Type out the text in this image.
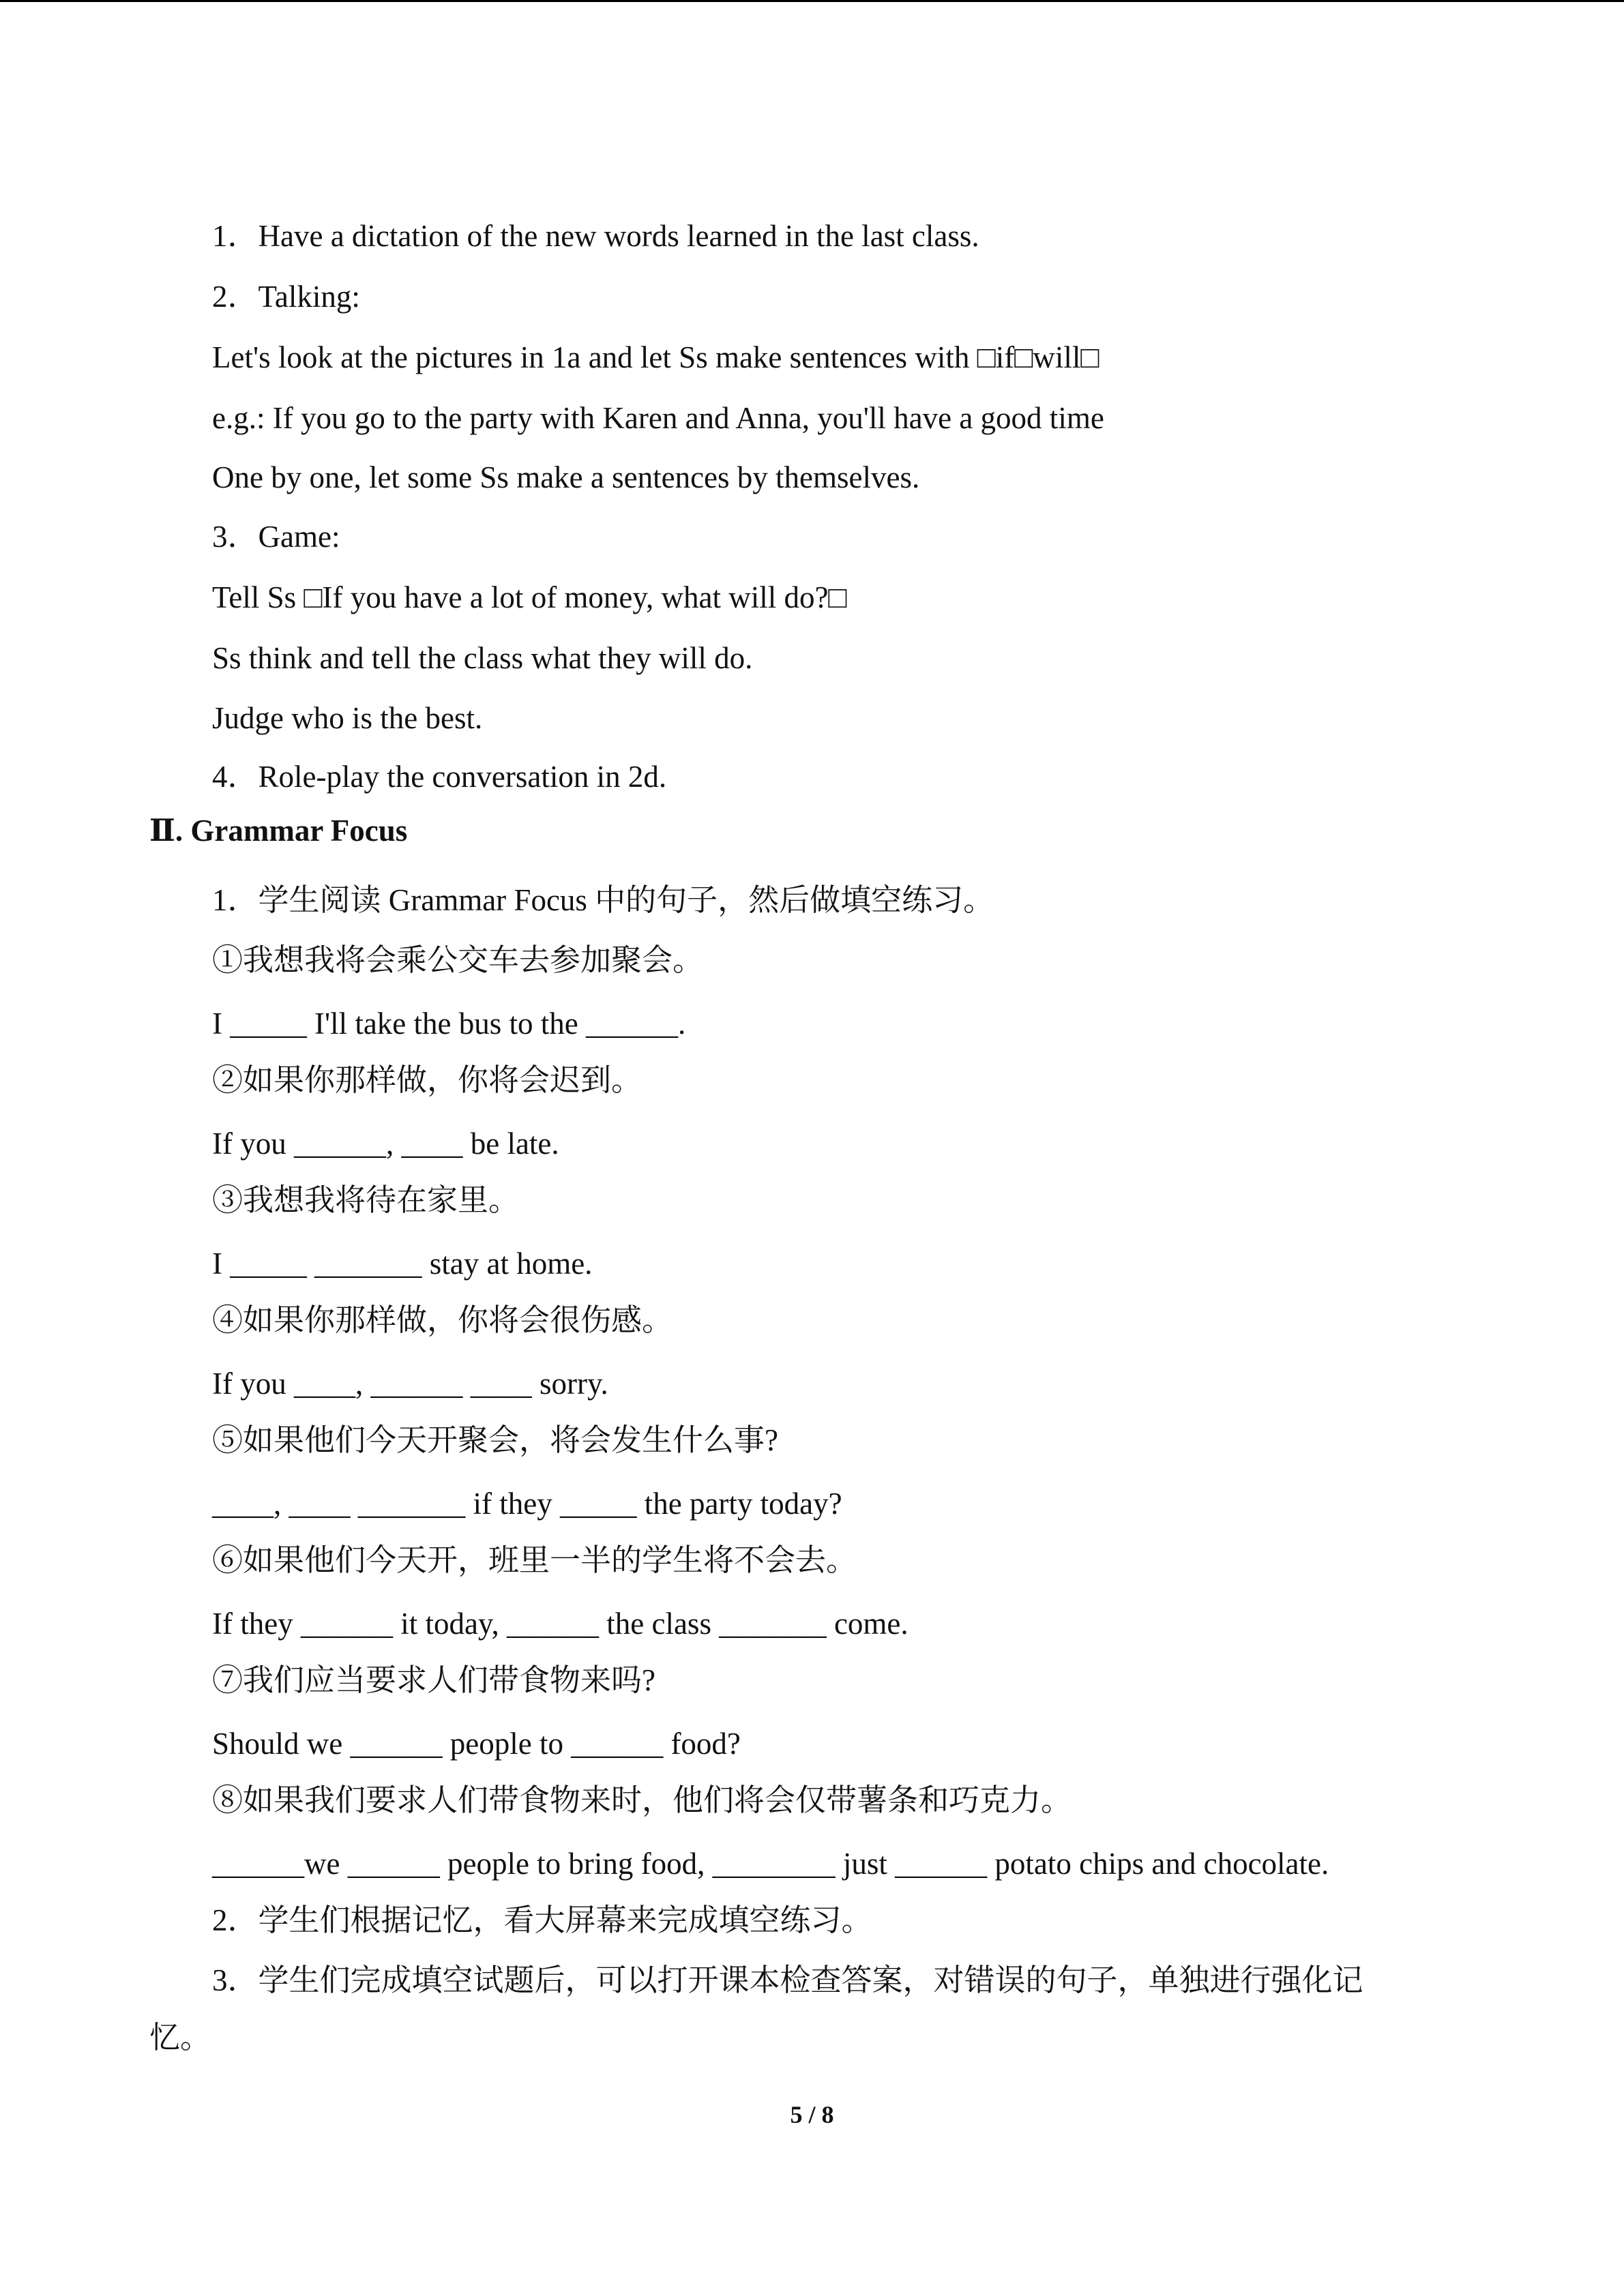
1．Have a dictation of the new words learned in the last class.
2．Talking:
Let's look at the pictures in 1a and let Ss make sentences with □if□will□
e.g.: If you go to the party with Karen and Anna, you'll have a good time
One by one, let some Ss make a sentences by themselves.
3．Game:
Tell Ss □If you have a lot of money, what will do?□
Ss think and tell the class what they will do.
Judge who is the best.
4．Role-play the conversation in 2d.
Ⅱ. Grammar Focus
1．学生阅读 Grammar Focus 中的句子，然后做填空练习。
①我想我将会乘公交车去参加聚会。
I _____ I'll take the bus to the ______.
②如果你那样做，你将会迟到。
If you ______, ____ be late.
③我想我将待在家里。
I _____ _______ stay at home.
④如果你那样做，你将会很伤感。
If you ____, ______ ____ sorry.
⑤如果他们今天开聚会，将会发生什么事?
____, ____ _______ if they _____ the party today?
⑥如果他们今天开，班里一半的学生将不会去。
If they ______ it today, ______ the class _______ come.
⑦我们应当要求人们带食物来吗?
Should we ______ people to ______ food?
⑧如果我们要求人们带食物来时，他们将会仅带薯条和巧克力。
______we ______ people to bring food, ________ just ______ potato chips and chocolate.
2．学生们根据记忆，看大屏幕来完成填空练习。
3．学生们完成填空试题后，可以打开课本检查答案，对错误的句子，单独进行强化记
忆。
5 / 8
